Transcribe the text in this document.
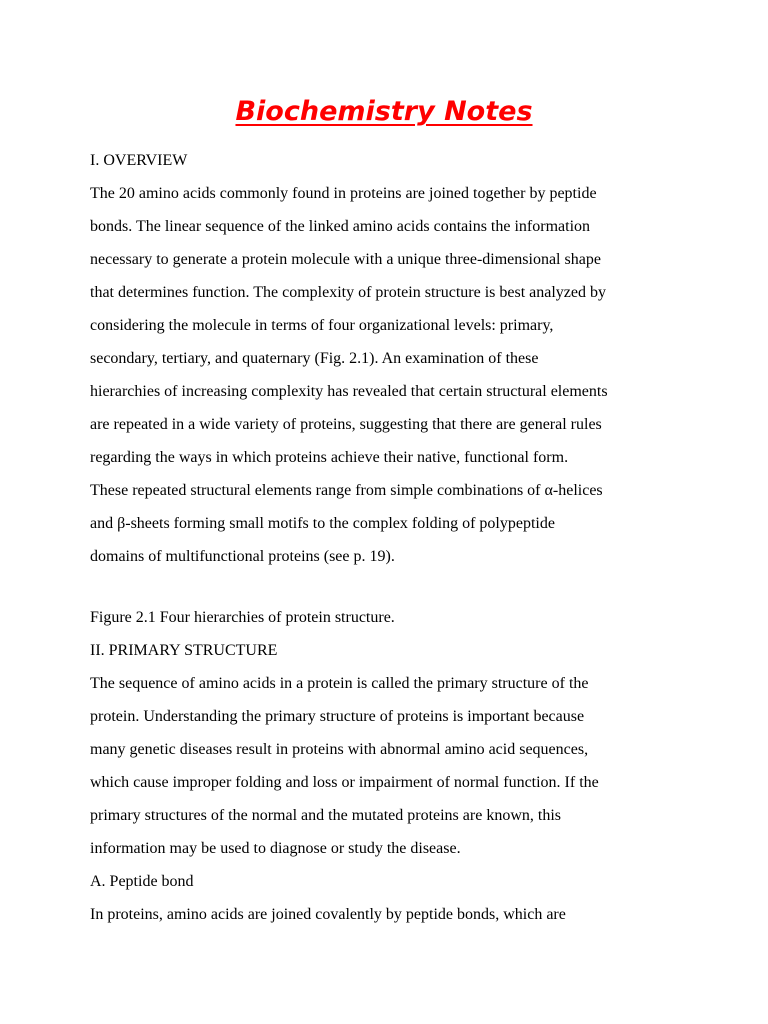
Biochemistry Notes
I. OVERVIEW
The 20 amino acids commonly found in proteins are joined together by peptide
bonds. The linear sequence of the linked amino acids contains the information
necessary to generate a protein molecule with a unique three-dimensional shape
that determines function. The complexity of protein structure is best analyzed by
considering the molecule in terms of four organizational levels: primary,
secondary, tertiary, and quaternary (Fig. 2.1). An examination of these
hierarchies of increasing complexity has revealed that certain structural elements
are repeated in a wide variety of proteins, suggesting that there are general rules
regarding the ways in which proteins achieve their native, functional form.
These repeated structural elements range from simple combinations of α-helices
and β-sheets forming small motifs to the complex folding of polypeptide
domains of multifunctional proteins (see p. 19).
Figure 2.1 Four hierarchies of protein structure.
II. PRIMARY STRUCTURE
The sequence of amino acids in a protein is called the primary structure of the
protein. Understanding the primary structure of proteins is important because
many genetic diseases result in proteins with abnormal amino acid sequences,
which cause improper folding and loss or impairment of normal function. If the
primary structures of the normal and the mutated proteins are known, this
information may be used to diagnose or study the disease.
A. Peptide bond
In proteins, amino acids are joined covalently by peptide bonds, which are
